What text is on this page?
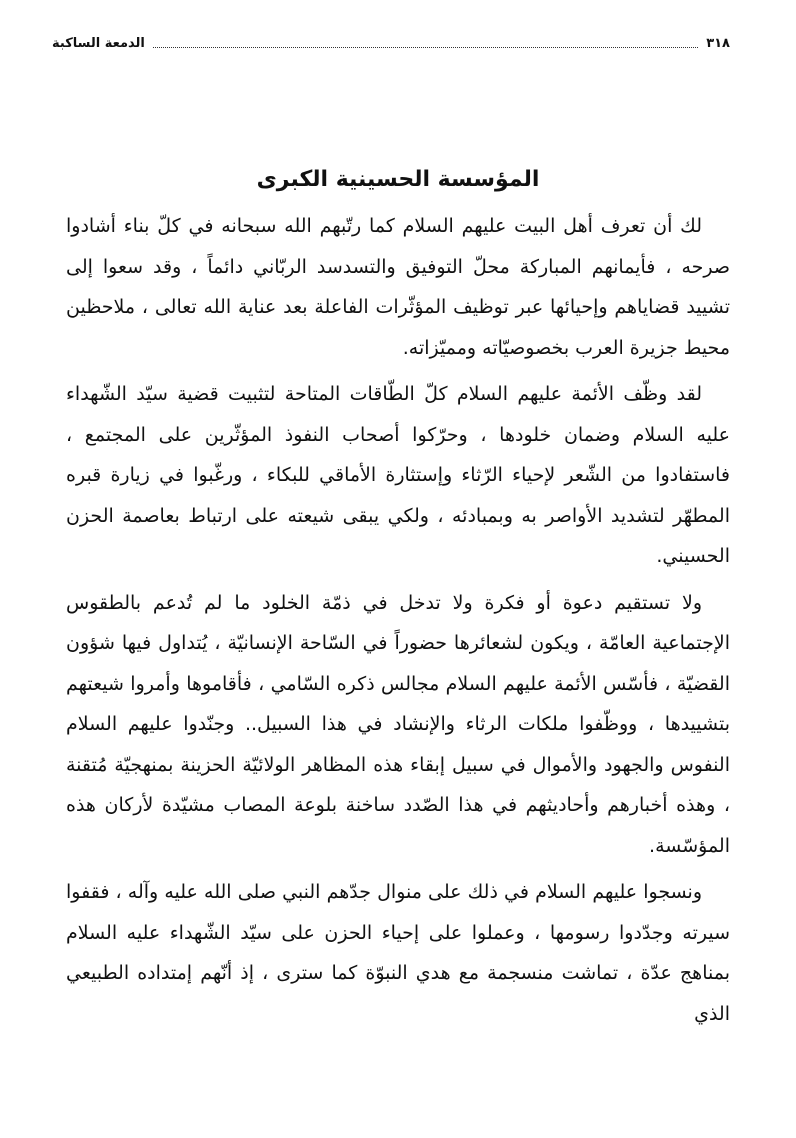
٣١٨
الدمعة الساكبة
المؤسسة الحسينية الكبرى

لك أن تعرف أهل البيت عليهم السلام كما رتّبهم الله سبحانه في كلّ بناء أشادوا صرحه ، فأيمانهم المباركة محلّ التوفيق والتسدسد الربّاني دائماً ، وقد سعوا إلى تشييد قضاياهم وإحيائها عبر توظيف المؤثّرات الفاعلة بعد عناية الله تعالى ، ملاحظين محيط جزيرة العرب بخصوصيّاته ومميّزاته.

لقد وظّف الأئمة عليهم السلام كلّ الطّاقات المتاحة لتثبيت قضية سيّد الشّهداء عليه السلام وضمان خلودها ، وحرّكوا أصحاب النفوذ المؤثّرين على المجتمع ، فاستفادوا من الشّعر لإحياء الرّثاء وإستثارة الأماقي للبكاء ، ورغّبوا في زيارة قبره المطهّر لتشديد الأواصر به وبمبادئه ، ولكي يبقى شيعته على ارتباط بعاصمة الحزن الحسيني.

ولا تستقيم دعوة أو فكرة ولا تدخل في ذمّة الخلود ما لم تُدعم بالطقوس الإجتماعية العامّة ، ويكون لشعائرها حضوراً في السّاحة الإنسانيّة ، يُتداول فيها شؤون القضيّة ، فأسّس الأئمة عليهم السلام مجالس ذكره السّامي ، فأقاموها وأمروا شيعتهم بتشييدها ، ووظّفوا ملكات الرثاء والإنشاد في هذا السبيل.. وجنّدوا عليهم السلام النفوس والجهود والأموال في سبيل إبقاء هذه المظاهر الولائيّة الحزينة بمنهجيّة مُتقنة ، وهذه أخبارهم وأحاديثهم في هذا الصّدد ساخنة بلوعة المصاب مشيّدة لأركان هذه المؤسّسة.

ونسجوا عليهم السلام في ذلك على منوال جدّهم النبي صلى الله عليه وآله ، فقفوا سيرته وجدّدوا رسومها ، وعملوا على إحياء الحزن على سيّد الشّهداء عليه السلام بمناهج عدّة ، تماشت منسجمة مع هدي النبوّة كما سترى ، إذ أنّهم إمتداده الطبيعي الذي
